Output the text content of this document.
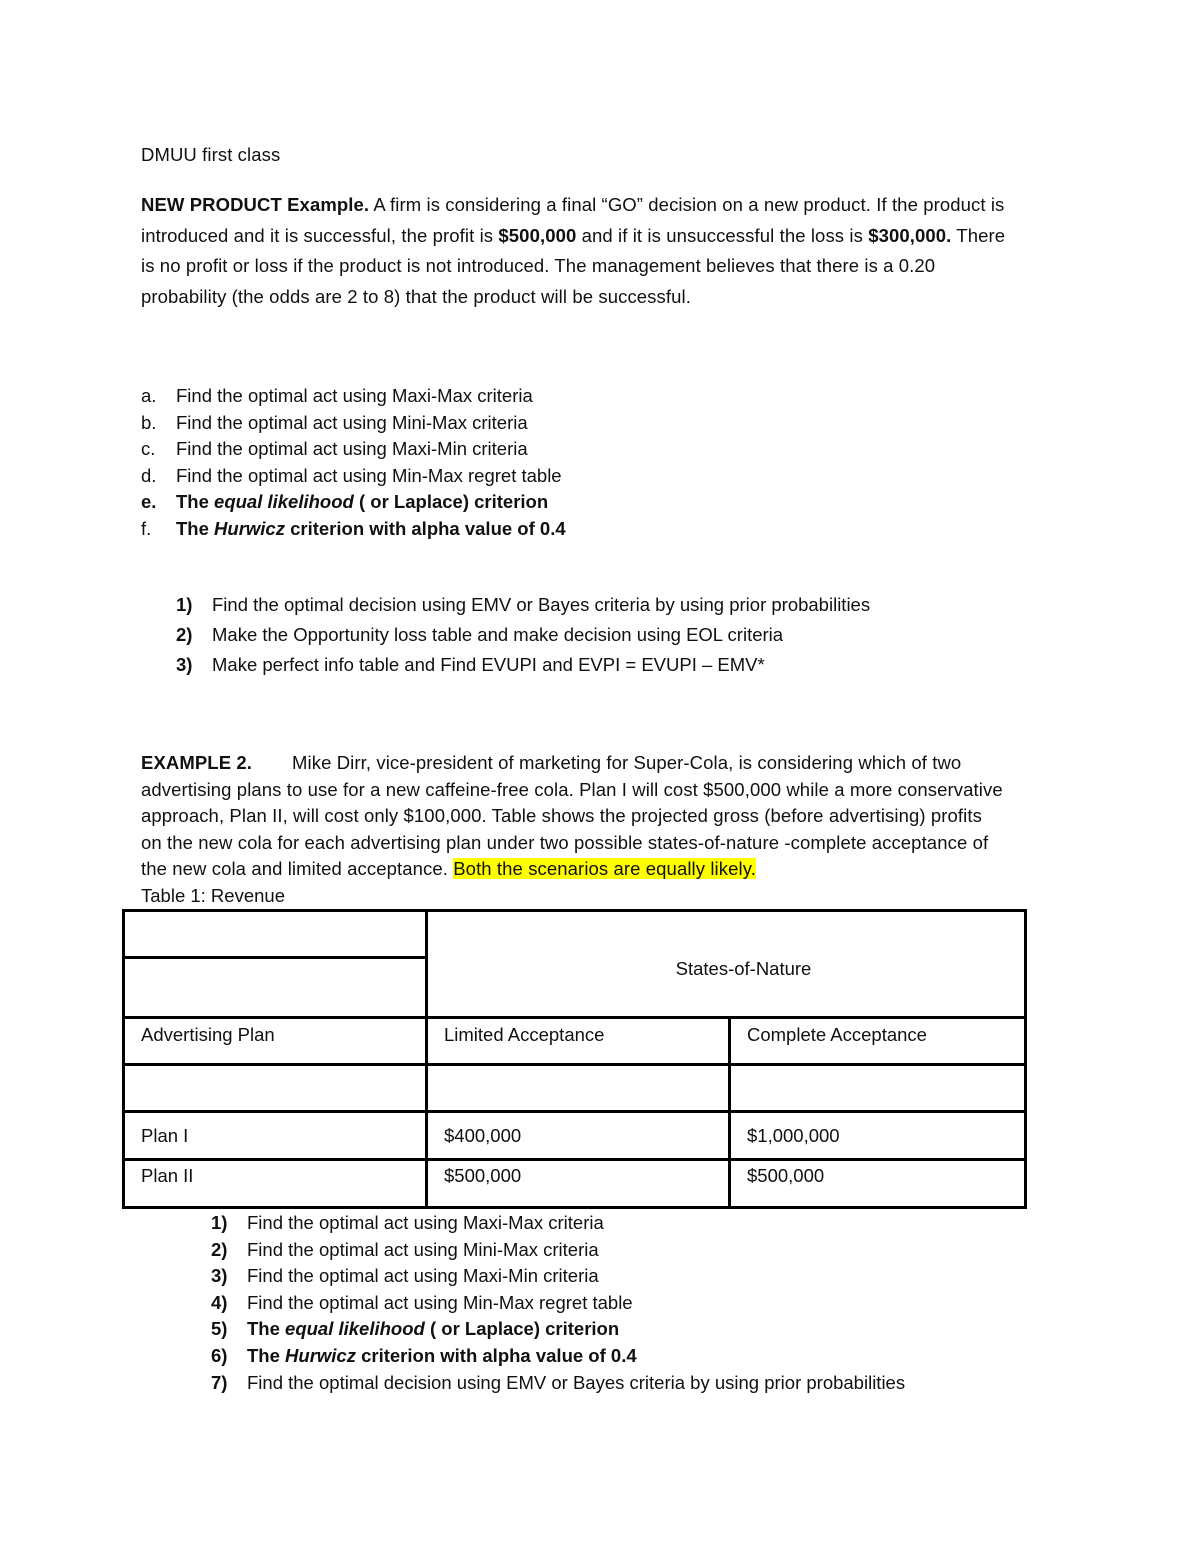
DMUU first class
NEW PRODUCT Example. A firm is considering a final “GO” decision on a new product. If the product is
introduced and it is successful, the profit is $500,000 and if it is unsuccessful the loss is $300,000. There
is no profit or loss if the product is not introduced. The management believes that there is a 0.20
probability (the odds are 2 to 8) that the product will be successful.
a. Find the optimal act using Maxi-Max criteria
b. Find the optimal act using Mini-Max criteria
c. Find the optimal act using Maxi-Min criteria
d. Find the optimal act using Min-Max regret table
e. The equal likelihood ( or Laplace) criterion
f. The Hurwicz criterion with alpha value of 0.4
1) Find the optimal decision using EMV or Bayes criteria by using prior probabilities
2) Make the Opportunity loss table and make decision using EOL criteria
3) Make perfect info table and Find EVUPI and EVPI = EVUPI – EMV*
EXAMPLE 2. Mike Dirr, vice-president of marketing for Super-Cola, is considering which of two
advertising plans to use for a new caffeine-free cola. Plan I will cost $500,000 while a more conservative
approach, Plan II, will cost only $100,000. Table shows the projected gross (before advertising) profits
on the new cola for each advertising plan under two possible states-of-nature -complete acceptance of
the new cola and limited acceptance. Both the scenarios are equally likely.
Table 1: Revenue
	States-of-Nature	

Advertising Plan	Limited Acceptance	Complete Acceptance

Plan I	$400,000	$1,000,000
Plan II	$500,000	$500,000
1) Find the optimal act using Maxi-Max criteria
2) Find the optimal act using Mini-Max criteria
3) Find the optimal act using Maxi-Min criteria
4) Find the optimal act using Min-Max regret table
5) The equal likelihood ( or Laplace) criterion
6) The Hurwicz criterion with alpha value of 0.4
7) Find the optimal decision using EMV or Bayes criteria by using prior probabilities
